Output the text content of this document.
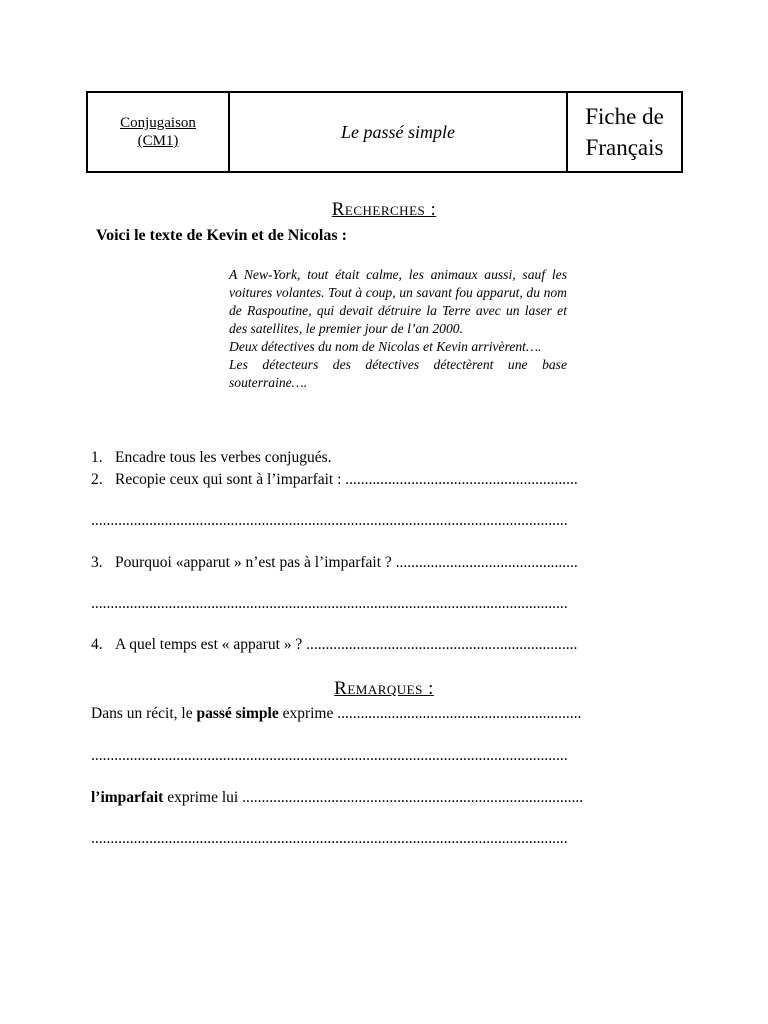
Conjugaison
(CM1)	Le passé simple
Fiche de
Français
Recherches :
Voici le texte de Kevin et de Nicolas :

A New-York, tout était calme, les animaux aussi, sauf les voitures volantes. Tout à coup, un savant fou apparut, du nom de Raspoutine, qui devait détruire la Terre avec un laser et des satellites, le premier jour de l’an 2000.

Deux détectives du nom de Nicolas et Kevin arrivèrent….

Les détecteurs des détectives détectèrent une base souterraine….

1. Encadre tous les verbes conjugués.
2. Recopie ceux qui sont à l’imparfait : ............................................................
...........................................................................................................................
3. Pourquoi «apparut » n’est pas à l’imparfait ? ...............................................
...........................................................................................................................
4. A quel temps est « apparut » ? ......................................................................
Remarques :
Dans un récit, le passé simple exprime ...............................................................
...........................................................................................................................
l’imparfait exprime lui ........................................................................................
...........................................................................................................................
